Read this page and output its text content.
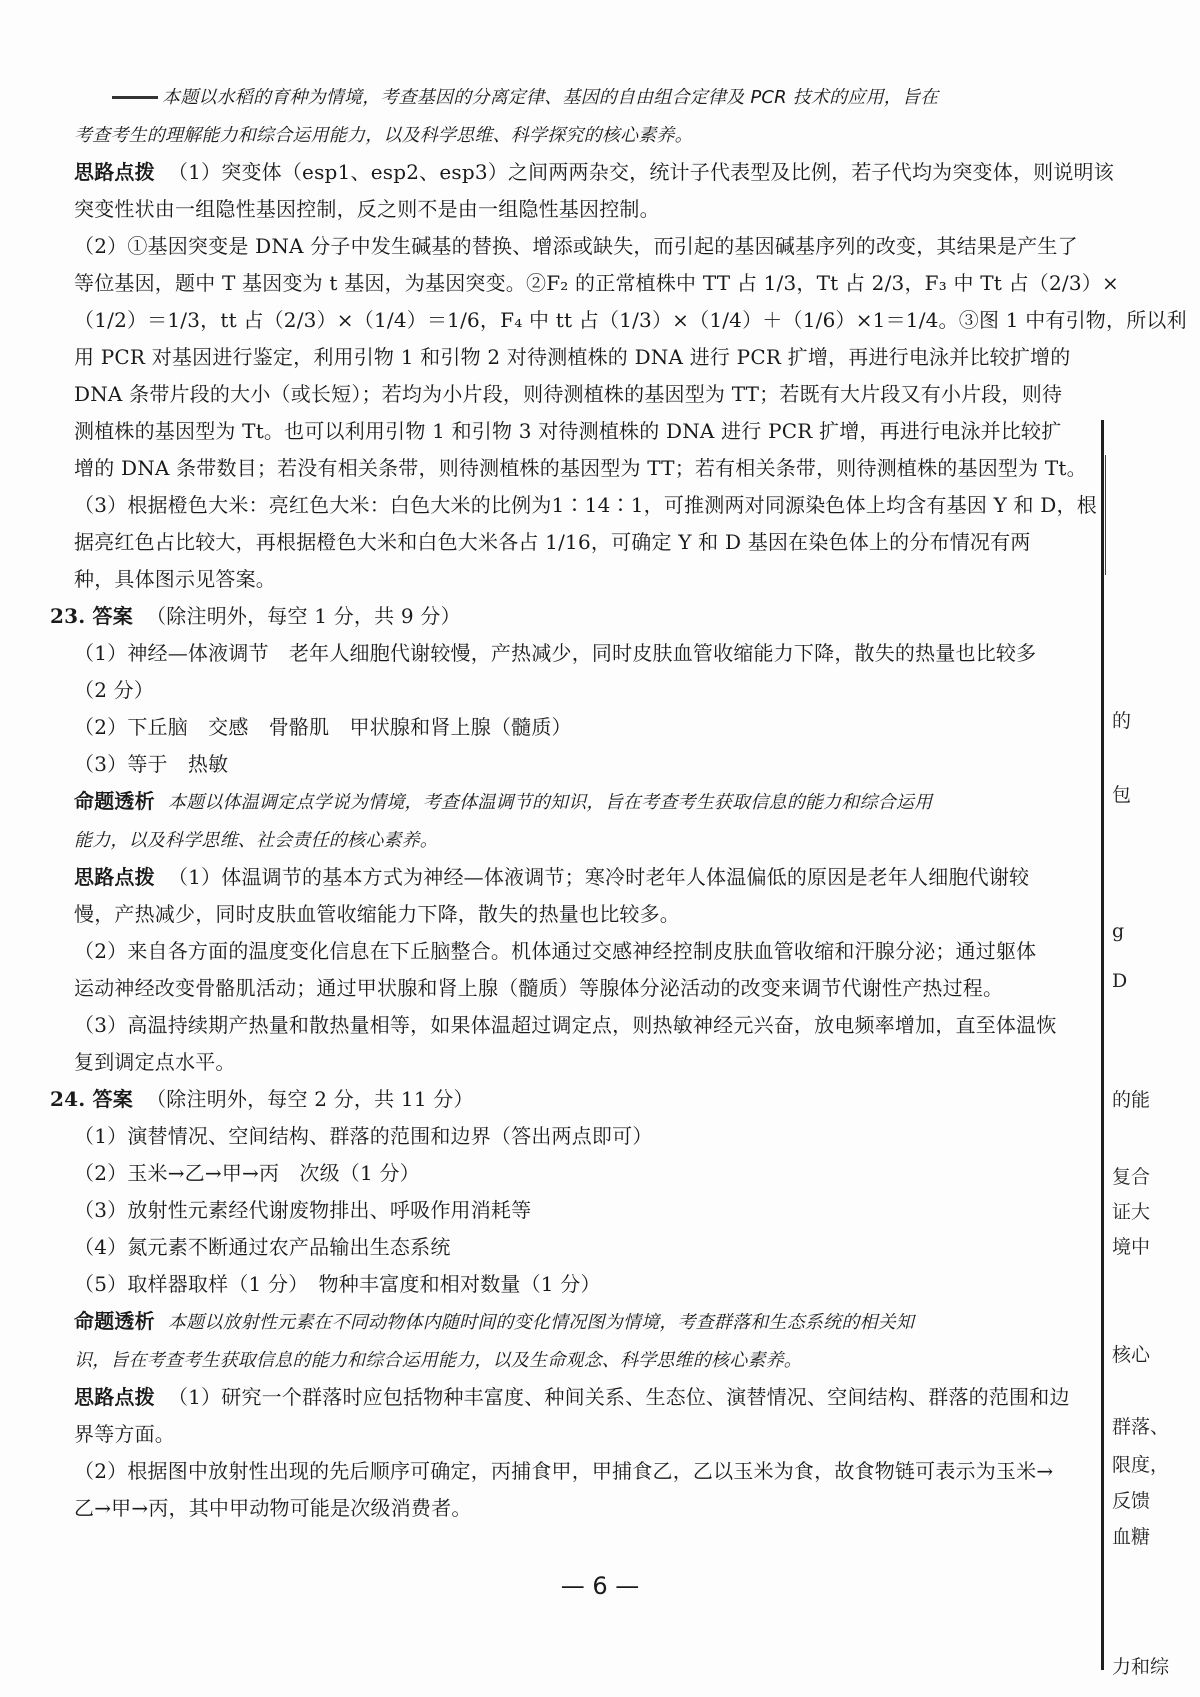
本题以水稻的育种为情境，考查基因的分离定律、基因的自由组合定律及 PCR 技术的应用，旨在
考查考生的理解能力和综合运用能力，以及科学思维、科学探究的核心素养。
思路点拨 （1）突变体（esp1、esp2、esp3）之间两两杂交，统计子代表型及比例，若子代均为突变体，则说明该
突变性状由一组隐性基因控制，反之则不是由一组隐性基因控制。
（2）①基因突变是 DNA 分子中发生碱基的替换、增添或缺失，而引起的基因碱基序列的改变，其结果是产生了
等位基因，题中 T 基因变为 t 基因，为基因突变。②F₂ 的正常植株中 TT 占 1/3，Tt 占 2/3，F₃ 中 Tt 占（2/3）×
（1/2）＝1/3，tt 占（2/3）×（1/4）＝1/6，F₄ 中 tt 占（1/3）×（1/4）＋（1/6）×1＝1/4。③图 1 中有引物，所以利
用 PCR 对基因进行鉴定，利用引物 1 和引物 2 对待测植株的 DNA 进行 PCR 扩增，再进行电泳并比较扩增的
DNA 条带片段的大小（或长短）；若均为小片段，则待测植株的基因型为 TT；若既有大片段又有小片段，则待
测植株的基因型为 Tt。也可以利用引物 1 和引物 3 对待测植株的 DNA 进行 PCR 扩增，再进行电泳并比较扩
增的 DNA 条带数目；若没有相关条带，则待测植株的基因型为 TT；若有相关条带，则待测植株的基因型为 Tt。
（3）根据橙色大米：亮红色大米：白色大米的比例为1∶14∶1，可推测两对同源染色体上均含有基因 Y 和 D，根
据亮红色占比较大，再根据橙色大米和白色大米各占 1/16，可确定 Y 和 D 基因在染色体上的分布情况有两
种，具体图示见答案。
23. 答案 （除注明外，每空 1 分，共 9 分）
（1）神经—体液调节　老年人细胞代谢较慢，产热减少，同时皮肤血管收缩能力下降，散失的热量也比较多
（2 分）
（2）下丘脑　交感　骨骼肌　甲状腺和肾上腺（髓质）
（3）等于　热敏
命题透析 本题以体温调定点学说为情境，考查体温调节的知识，旨在考查考生获取信息的能力和综合运用
能力，以及科学思维、社会责任的核心素养。
思路点拨 （1）体温调节的基本方式为神经—体液调节；寒冷时老年人体温偏低的原因是老年人细胞代谢较
慢，产热减少，同时皮肤血管收缩能力下降，散失的热量也比较多。
（2）来自各方面的温度变化信息在下丘脑整合。机体通过交感神经控制皮肤血管收缩和汗腺分泌；通过躯体
运动神经改变骨骼肌活动；通过甲状腺和肾上腺（髓质）等腺体分泌活动的改变来调节代谢性产热过程。
（3）高温持续期产热量和散热量相等，如果体温超过调定点，则热敏神经元兴奋，放电频率增加，直至体温恢
复到调定点水平。
24. 答案 （除注明外，每空 2 分，共 11 分）
（1）演替情况、空间结构、群落的范围和边界（答出两点即可）
（2）玉米→乙→甲→丙　次级（1 分）
（3）放射性元素经代谢废物排出、呼吸作用消耗等
（4）氮元素不断通过农产品输出生态系统
（5）取样器取样（1 分）　物种丰富度和相对数量（1 分）
命题透析 本题以放射性元素在不同动物体内随时间的变化情况图为情境，考查群落和生态系统的相关知
识，旨在考查考生获取信息的能力和综合运用能力，以及生命观念、科学思维的核心素养。
思路点拨 （1）研究一个群落时应包括物种丰富度、种间关系、生态位、演替情况、空间结构、群落的范围和边
界等方面。
（2）根据图中放射性出现的先后顺序可确定，丙捕食甲，甲捕食乙，乙以玉米为食，故食物链可表示为玉米→
乙→甲→丙，其中甲动物可能是次级消费者。
— 6 —
的
包
g
D
的能
复合
证大
境中
核心
群落、
限度，
反馈
血糖
力和综
